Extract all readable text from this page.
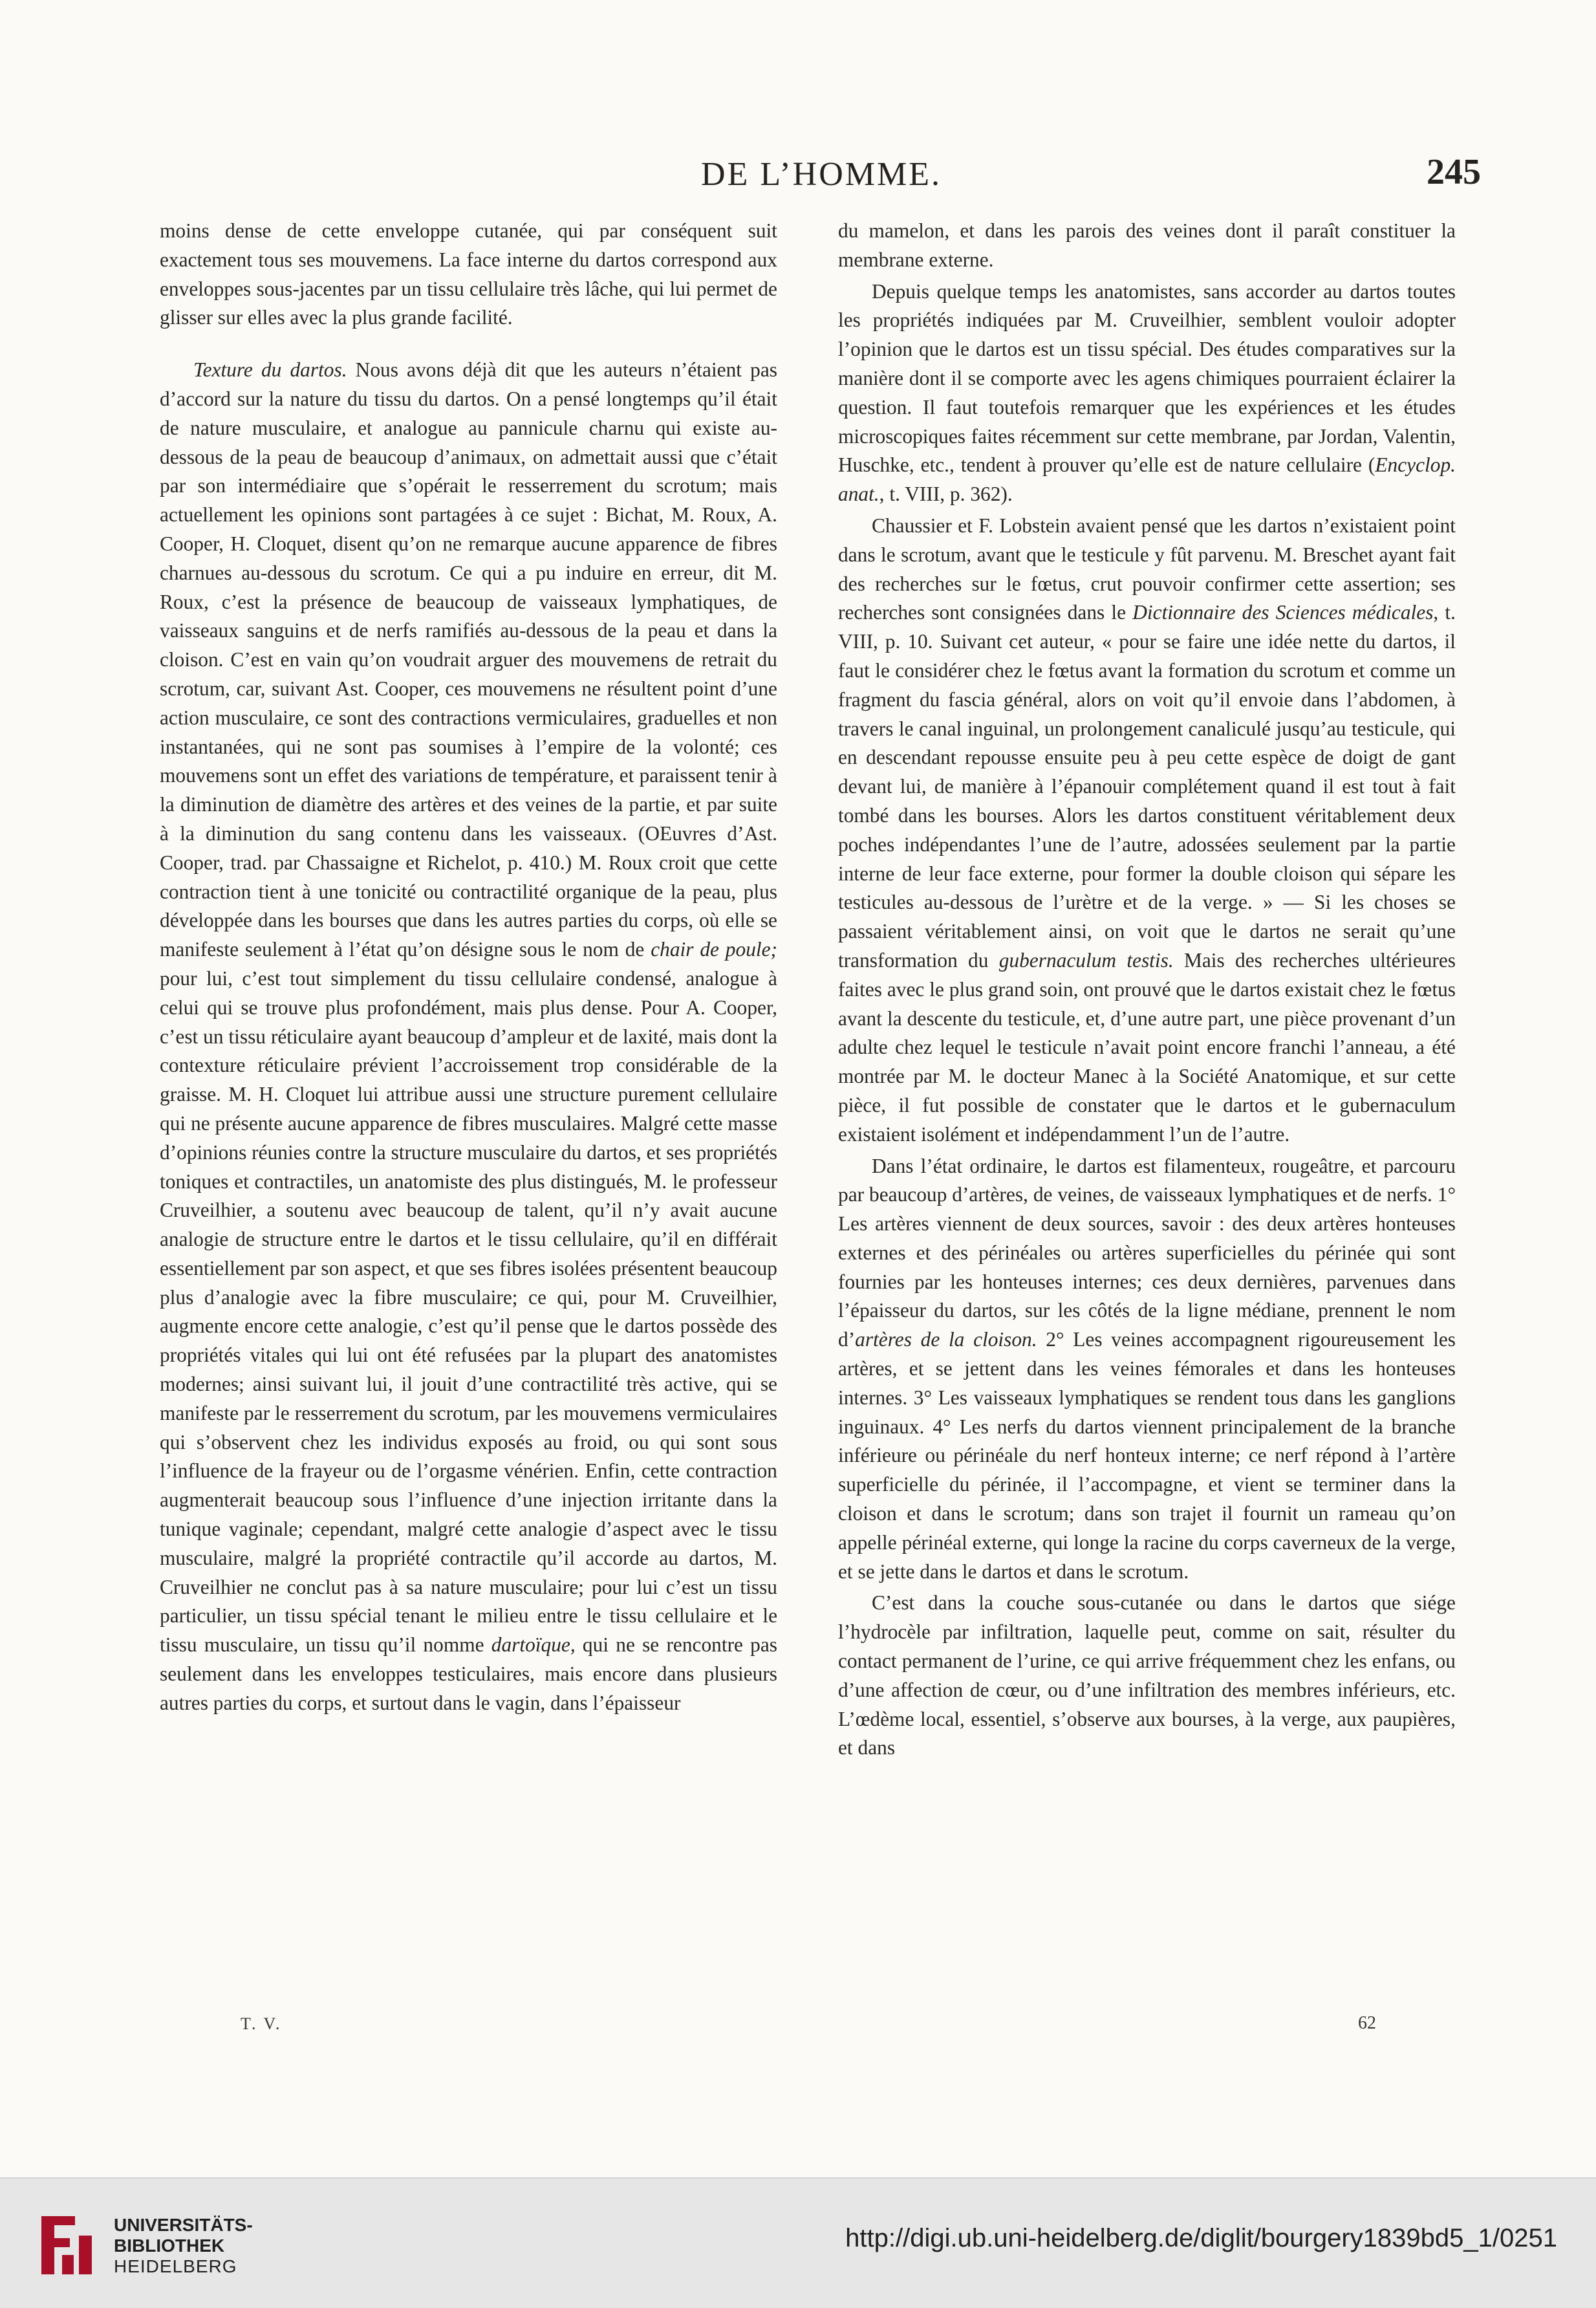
DE L’HOMME.	245

moins dense de cette enveloppe cutanée, qui par conséquent suit exactement tous ses mouvemens. La face interne du dartos correspond aux enveloppes sous-jacentes par un tissu cellulaire très lâche, qui lui permet de glisser sur elles avec la plus grande facilité.

Texture du dartos. Nous avons déjà dit que les auteurs n’étaient pas d’accord sur la nature du tissu du dartos. On a pensé longtemps qu’il était de nature musculaire, et analogue au pannicule charnu qui existe au-dessous de la peau de beaucoup d’animaux, on admettait aussi que c’était par son intermédiaire que s’opérait le resserrement du scrotum; mais actuellement les opinions sont partagées à ce sujet : Bichat, M. Roux, A. Cooper, H. Cloquet, disent qu’on ne remarque aucune apparence de fibres charnues au-dessous du scrotum. Ce qui a pu induire en erreur, dit M. Roux, c’est la présence de beaucoup de vaisseaux lymphatiques, de vaisseaux sanguins et de nerfs ramifiés au-dessous de la peau et dans la cloison. C’est en vain qu’on voudrait arguer des mouvemens de retrait du scrotum, car, suivant Ast. Cooper, ces mouvemens ne résultent point d’une action musculaire, ce sont des contractions vermiculaires, graduelles et non instantanées, qui ne sont pas soumises à l’empire de la volonté; ces mouvemens sont un effet des variations de température, et paraissent tenir à la diminution de diamètre des artères et des veines de la partie, et par suite à la diminution du sang contenu dans les vaisseaux. (OEuvres d’Ast. Cooper, trad. par Chassaigne et Richelot, p. 410.) M. Roux croit que cette contraction tient à une tonicité ou contractilité organique de la peau, plus développée dans les bourses que dans les autres parties du corps, où elle se manifeste seulement à l’état qu’on désigne sous le nom de chair de poule; pour lui, c’est tout simplement du tissu cellulaire condensé, analogue à celui qui se trouve plus profondément, mais plus dense. Pour A. Cooper, c’est un tissu réticulaire ayant beaucoup d’ampleur et de laxité, mais dont la contexture réticulaire prévient l’accroissement trop considérable de la graisse. M. H. Cloquet lui attribue aussi une structure purement cellulaire qui ne présente aucune apparence de fibres musculaires. Malgré cette masse d’opinions réunies contre la structure musculaire du dartos, et ses propriétés toniques et contractiles, un anatomiste des plus distingués, M. le professeur Cruveilhier, a soutenu avec beaucoup de talent, qu’il n’y avait aucune analogie de structure entre le dartos et le tissu cellulaire, qu’il en différait essentiellement par son aspect, et que ses fibres isolées présentent beaucoup plus d’analogie avec la fibre musculaire; ce qui, pour M. Cruveilhier, augmente encore cette analogie, c’est qu’il pense que le dartos possède des propriétés vitales qui lui ont été refusées par la plupart des anatomistes modernes; ainsi suivant lui, il jouit d’une contractilité très active, qui se manifeste par le resserrement du scrotum, par les mouvemens vermiculaires qui s’observent chez les individus exposés au froid, ou qui sont sous l’influence de la frayeur ou de l’orgasme vénérien. Enfin, cette contraction augmenterait beaucoup sous l’influence d’une injection irritante dans la tunique vaginale; cependant, malgré cette analogie d’aspect avec le tissu musculaire, malgré la propriété contractile qu’il accorde au dartos, M. Cruveilhier ne conclut pas à sa nature musculaire; pour lui c’est un tissu particulier, un tissu spécial tenant le milieu entre le tissu cellulaire et le tissu musculaire, un tissu qu’il nomme dartoïque, qui ne se rencontre pas seulement dans les enveloppes testiculaires, mais encore dans plusieurs autres parties du corps, et surtout dans le vagin, dans l’épaisseur

du mamelon, et dans les parois des veines dont il paraît constituer la membrane externe.

Depuis quelque temps les anatomistes, sans accorder au dartos toutes les propriétés indiquées par M. Cruveilhier, semblent vouloir adopter l’opinion que le dartos est un tissu spécial. Des études comparatives sur la manière dont il se comporte avec les agens chimiques pourraient éclairer la question. Il faut toutefois remarquer que les expériences et les études microscopiques faites récemment sur cette membrane, par Jordan, Valentin, Huschke, etc., tendent à prouver qu’elle est de nature cellulaire (Encyclop. anat., t. VIII, p. 362).

Chaussier et F. Lobstein avaient pensé que les dartos n’existaient point dans le scrotum, avant que le testicule y fût parvenu. M. Breschet ayant fait des recherches sur le fœtus, crut pouvoir confirmer cette assertion; ses recherches sont consignées dans le Dictionnaire des Sciences médicales, t. VIII, p. 10. Suivant cet auteur, « pour se faire une idée nette du dartos, il faut le considérer chez le fœtus avant la formation du scrotum et comme un fragment du fascia général, alors on voit qu’il envoie dans l’abdomen, à travers le canal inguinal, un prolongement canaliculé jusqu’au testicule, qui en descendant repousse ensuite peu à peu cette espèce de doigt de gant devant lui, de manière à l’épanouir complétement quand il est tout à fait tombé dans les bourses. Alors les dartos constituent véritablement deux poches indépendantes l’une de l’autre, adossées seulement par la partie interne de leur face externe, pour former la double cloison qui sépare les testicules au-dessous de l’urètre et de la verge. » — Si les choses se passaient véritablement ainsi, on voit que le dartos ne serait qu’une transformation du gubernaculum testis. Mais des recherches ultérieures faites avec le plus grand soin, ont prouvé que le dartos existait chez le fœtus avant la descente du testicule, et, d’une autre part, une pièce provenant d’un adulte chez lequel le testicule n’avait point encore franchi l’anneau, a été montrée par M. le docteur Manec à la Société Anatomique, et sur cette pièce, il fut possible de constater que le dartos et le gubernaculum existaient isolément et indépendamment l’un de l’autre.

Dans l’état ordinaire, le dartos est filamenteux, rougeâtre, et parcouru par beaucoup d’artères, de veines, de vaisseaux lymphatiques et de nerfs. 1° Les artères viennent de deux sources, savoir : des deux artères honteuses externes et des périnéales ou artères superficielles du périnée qui sont fournies par les honteuses internes; ces deux dernières, parvenues dans l’épaisseur du dartos, sur les côtés de la ligne médiane, prennent le nom d’artères de la cloison. 2° Les veines accompagnent rigoureusement les artères, et se jettent dans les veines fémorales et dans les honteuses internes. 3° Les vaisseaux lymphatiques se rendent tous dans les ganglions inguinaux. 4° Les nerfs du dartos viennent principalement de la branche inférieure ou périnéale du nerf honteux interne; ce nerf répond à l’artère superficielle du périnée, il l’accompagne, et vient se terminer dans la cloison et dans le scrotum; dans son trajet il fournit un rameau qu’on appelle périnéal externe, qui longe la racine du corps caverneux de la verge, et se jette dans le dartos et dans le scrotum.

C’est dans la couche sous-cutanée ou dans le dartos que siége l’hydrocèle par infiltration, laquelle peut, comme on sait, résulter du contact permanent de l’urine, ce qui arrive fréquemment chez les enfans, ou d’une affection de cœur, ou d’une infiltration des membres inférieurs, etc. L’œdème local, essentiel, s’observe aux bourses, à la verge, aux paupières, et dans

T. V.	62
UNIVERSITÄTS-
BIBLIOTHEK
HEIDELBERG
http://digi.ub.uni-heidelberg.de/diglit/bourgery1839bd5_1/0251
